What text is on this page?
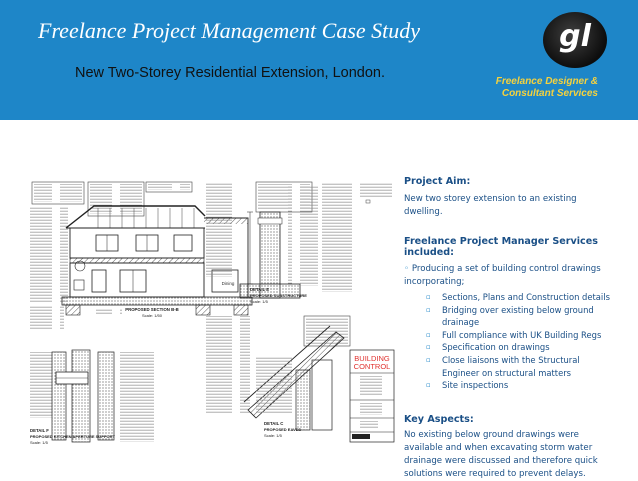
Freelance Project Management Case Study
New Two-Storey Residential Extension, London.
gl
Freelance Designer & Consultant Services
Dining
PROPOSED SECTION B-B
Scale: 1/50
DETAIL E
PROPOSED SUBSTRUCTURE
Scale: 1/5
DETAIL F
PROPOSED KITCHEN APERTURE SUPPORT
Scale: 1/5
DETAIL C
PROPOSED EAVES
Scale: 1/5
BUILDING
CONTROL
Project Aim:
New two storey extension to an existing dwelling.
Freelance Project Manager Services included:
◦ Producing a set of building control drawings incorporating;
▫ Sections, Plans and Construction details
▫ Bridging over existing below ground drainage
▫ Full compliance with UK Building Regs
▫ Specification on drawings
▫ Close liaisons with the Structural Engineer on structural matters
▫ Site inspections
Key Aspects:
No existing below ground drawings were available and when excavating storm water drainage were discussed and therefore quick solutions were required to prevent delays.
